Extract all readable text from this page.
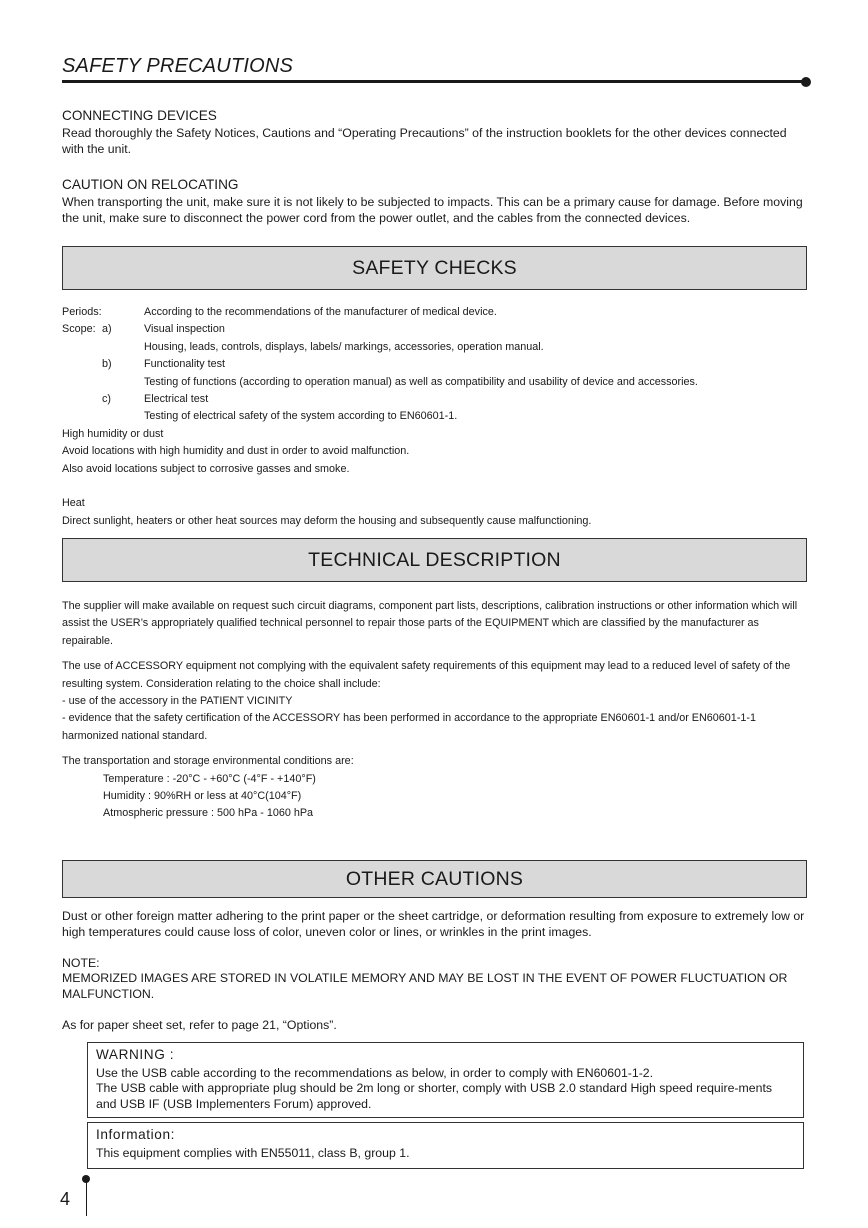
SAFETY PRECAUTIONS
CONNECTING DEVICES
Read thoroughly the Safety Notices, Cautions and “Operating Precautions” of the instruction booklets for the other devices connected with the unit.
CAUTION ON RELOCATING
When transporting the unit, make sure it is not likely to be subjected to impacts. This can be a primary cause for damage. Before moving the unit, make sure to disconnect the power cord from the power outlet, and the cables from the connected devices.
SAFETY CHECKS
Periods:	According to the recommendations of the manufacturer of medical device.
Scope: a)	Visual inspection
Housing, leads, controls, displays, labels/ markings, accessories, operation manual.
b)	Functionality test
Testing of functions (according to operation manual) as well as compatibility and usability of device and accessories.
c)	Electrical test
Testing of electrical safety of the system according to EN60601-1.
High humidity or dust
Avoid locations with high humidity and dust in order to avoid malfunction.
Also avoid locations subject to corrosive gasses and smoke.
Heat
Direct sunlight, heaters or other heat sources may deform the housing and subsequently cause malfunctioning.
TECHNICAL DESCRIPTION

The supplier will make available on request such circuit diagrams, component part lists, descriptions, calibration instructions or other information which will assist the USER’s appropriately qualified technical personnel to repair those parts of the EQUIPMENT which are classified by the manufacturer as repairable.

The use of ACCESSORY equipment not complying with the equivalent safety requirements of this equipment may lead to a reduced level of safety of the resulting system. Consideration relating to the choice shall include:
- use of the accessory in the PATIENT VICINITY
- evidence that the safety certification of the ACCESSORY has been performed in accordance to the appropriate EN60601-1 and/or EN60601-1-1 harmonized national standard.
The transportation and storage environmental conditions are:
Temperature : -20°C - +60°C (-4°F - +140°F)
Humidity : 90%RH or less at 40°C(104°F)
Atmospheric pressure : 500 hPa - 1060 hPa
OTHER CAUTIONS
Dust or other foreign matter adhering to the print paper or the sheet cartridge, or deformation resulting from exposure to extremely low or high temperatures could cause loss of color, uneven color or lines, or wrinkles in the print images.
NOTE:
MEMORIZED IMAGES ARE STORED IN VOLATILE MEMORY AND MAY BE LOST IN THE EVENT OF POWER FLUCTUATION OR MALFUNCTION.
As for paper sheet set, refer to page 21, “Options”.
WARNING :
Use the USB cable according to the recommendations as below, in order to comply with EN60601-1-2.
The USB cable with appropriate plug should be 2m long or shorter, comply with USB 2.0 standard High speed require-ments and USB IF (USB Implementers Forum) approved.
Information:
This equipment complies with EN55011, class B, group 1.
4
